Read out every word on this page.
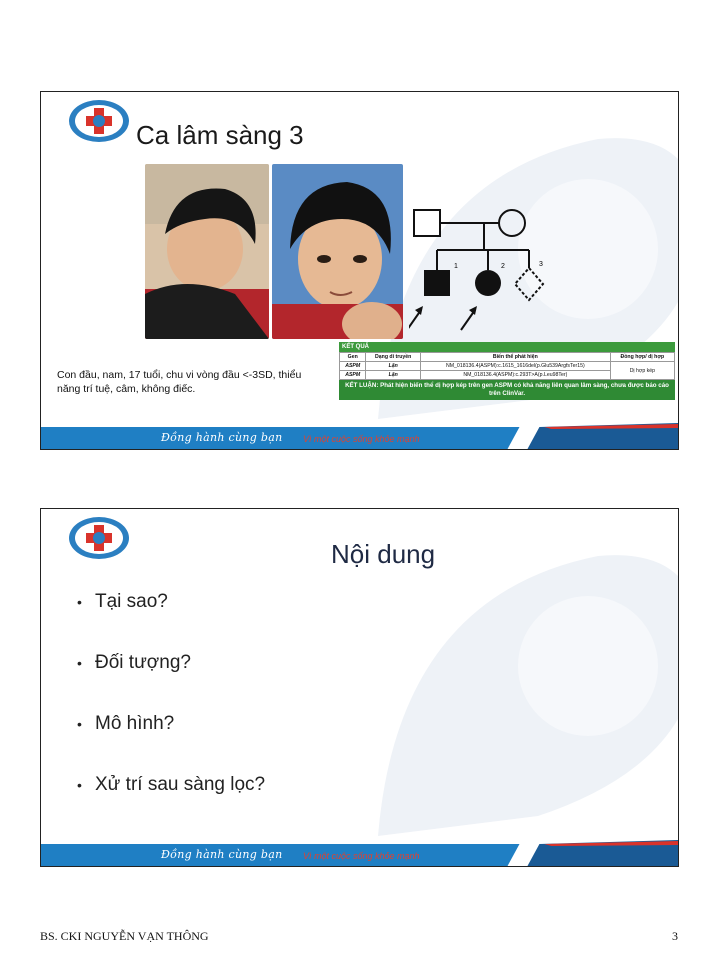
Ca lâm sàng 3
1	2	3
Con đầu, nam, 17 tuổi, chu vi vòng đầu <-3SD, thiểu năng trí tuệ, câm, không điếc.
KẾT QUẢ
Gen	Dạng di truyền	Biến thể phát hiện	Đồng hợp/ dị hợp
ASPM	Lặn	NM_018136.4(ASPM):c.1615_1616del(p.Glu539ArgfsTer15)	Dị hợp kép
ASPM	Lặn	NM_018136.4(ASPM):c.293T>A(p.Leu98Ter)	
KẾT LUẬN: Phát hiện biến thể dị hợp kép trên gen ASPM có khả năng liên quan lâm sàng, chưa được báo cáo trên ClinVar.
Đồng hành cùng bạn Vì một cuộc sống khỏe mạnh
Nội dung
• Tại sao?
• Đối tượng?
• Mô hình?
• Xử trí sau sàng lọc?
Đồng hành cùng bạn Vì một cuộc sống khỏe mạnh
BS. CKI NGUYỄN VẠN THÔNG	3
